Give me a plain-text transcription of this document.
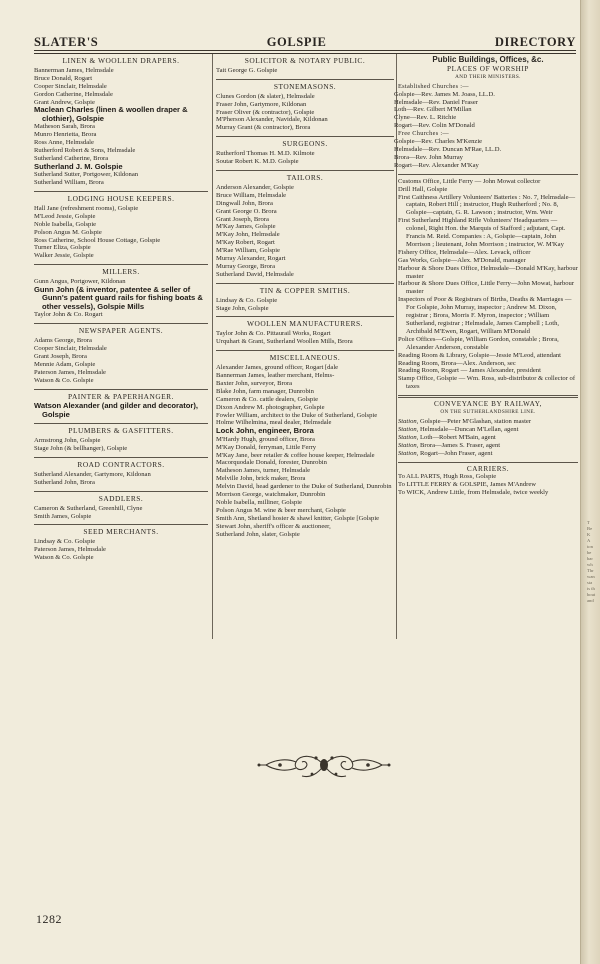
T
Be
K
A
ton
be
bar
wh
Thr
wan
sta
is th
bout
and
SLATER'S	GOLSPIE	DIRECTORY
LINEN & WOOLLEN DRAPERS.
Bannerman James, Helmsdale
Bruce Donald, Rogart
Cooper Sinclair, Helmsdale
Gordon Catherine, Helmsdale
Grant Andrew, Golspie
Maclean Charles (linen & woollen draper & clothier), Golspie
Matheson Sarah, Brora
Munro Henrietta, Brora
Ross Anne, Helmsdale
Rutherford Robert & Sons, Helmsdale
Sutherland Catherine, Brora
Sutherland J. M. Golspie
Sutherland Sutter, Portgower, Kildonan
Sutherland William, Brora
LODGING HOUSE KEEPERS.
Hall Jane (refreshment rooms), Golspie
M'Leod Jessie, Golspie
Noble Isabella, Golspie
Polson Angus M. Golspie
Ross Catherine, School House Cottage, Golspie
Turner Eliza, Golspie
Walker Jessie, Golspie
MILLERS.
Gunn Angus, Portgower, Kildonan
Gunn John (& inventor, patentee & seller of Gunn's patent guard rails for fishing boats & other vessels), Golspie Mills
Taylor John & Co. Rogart
NEWSPAPER AGENTS.
Adams George, Brora
Cooper Sinclair, Helmsdale
Grant Joseph, Brora
Mennie Adam, Golspie
Paterson James, Helmsdale
Watson & Co. Golspie
PAINTER & PAPERHANGER.
Watson Alexander (and gilder and decorator), Golspie
PLUMBERS & GASFITTERS.
Armstrong John, Golspie
Stage John (& bellhanger), Golspie
ROAD CONTRACTORS.
Sutherland Alexander, Gartymore, Kildonan
Sutherland John, Brora
SADDLERS.
Cameron & Sutherland, Greenhill, Clyne
Smith James, Golspie
SEED MERCHANTS.
Lindsay & Co. Golspie
Paterson James, Helmsdale
Watson & Co. Golspie
SOLICITOR & NOTARY PUBLIC.
Tait George G. Golspie
STONEMASONS.
Clunes Gordon (& slater), Helmsdale
Fraser John, Gartymore, Kildonan
Fraser Oliver (& contractor), Golspie
M'Pherson Alexander, Navidale, Kildonan
Murray Grant (& contractor), Brora
SURGEONS.
Rutherford Thomas H. M.D. Kilmote
Soutar Robert K. M.D. Golspie
TAILORS.
Anderson Alexander, Golspie
Bruce William, Helmsdale
Dingwall John, Brora
Grant George O. Brora
Grant Joseph, Brora
M'Kay James, Golspie
M'Kay John, Helmsdale
M'Kay Robert, Rogart
M'Rae William, Golspie
Murray Alexander, Rogart
Murray George, Brora
Sutherland David, Helmsdale
TIN & COPPER SMITHS.
Lindsay & Co. Golspie
Stage John, Golspie
WOOLLEN MANUFACTURERS.
Taylor John & Co. Pittaurail Works, Rogart
Urquhart & Grant, Sutherland Woollen Mills, Brora
MISCELLANEOUS.
Alexander James, ground officer, Rogart [dale
Bannerman James, leather merchant, Helms-
Baxter John, surveyor, Brora
Blake John, farm manager, Dunrobin
Cameron & Co. cattle dealers, Golspie
Dixon Andrew M. photographer, Golspie
Fowler William, architect to the Duke of Sutherland, Golspie
Holme Wilhelmina, meal dealer, Helmsdale
Lock John, engineer, Brora
M'Hardy Hugh, ground officer, Brora
M'Kay Donald, ferryman, Little Ferry
M'Kay Jane, beer retailer & coffee house keeper, Helmsdale
Macorquodale Donald, forester, Dunrobin
Matheson James, turner, Helmsdale
Melville John, brick maker, Brora
Melvin David, head gardener to the Duke of Sutherland, Dunrobin
Morrison George, watchmaker, Dunrobin
Noble Isabella, milliner, Golspie
Polson Angus M. wine & beer merchant, Golspie
Smith Ann, Shetland hosier & shawl knitter, Golspie [Golspie
Stewart John, sheriff's officer & auctioneer,
Sutherland John, slater, Golspie
Public Buildings, Offices, &c.
PLACES OF WORSHIP
AND THEIR MINISTERS.
Established Churches :—
Golspie—Rev. James M. Joass, LL.D.
Helmsdale—Rev. Daniel Fraser
Loth—Rev. Gilbert M'Millan
Clyne—Rev. L. Ritchie
Rogart—Rev. Colin M'Donald
Free Churches :—
Golspie—Rev. Charles M'Kenzie
Helmsdale—Rev. Duncan M'Rae, LL.D.
Brora—Rev. John Murray
Rogart—Rev. Alexander M'Kay
Customs Office, Little Ferry — John Mowat collector
Drill Hall, Golspie
First Caithness Artillery Volunteers' Batteries : No. 7, Helmsdale—captain, Robert Hill ; instructor, Hugh Rutherford ; No. 8, Golspie—captain, G. R. Lawson ; instructor, Wm. Weir
First Sutherland Highland Rifle Volunteers' Headquarters — colonel, Right Hon. the Marquis of Stafford ; adjutant, Capt. Francis M. Reid. Companies : A, Golspie—captain, John Morrison ; lieutenant, John Morrison ; instructor, W. M'Kay
Fishery Office, Helmsdale—Alex. Levack, officer
Gas Works, Golspie—Alex. M'Donald, manager
Harbour & Shore Dues Office, Helmsdale—Donald M'Kay, harbour master
Harbour & Shore Dues Office, Little Ferry—John Mowat, harbour master
Inspectors of Poor & Registrars of Births, Deaths & Marriages — For Golspie, John Murray, inspector ; Andrew M. Dixon, registrar ; Brora, Morris F. Myron, inspector ; William Sutherland, registrar ; Helmsdale, James Campbell ; Loth, Archibald M'Ewen, Rogart, William M'Donald
Police Offices—Golspie, William Gordon, constable ; Brora, Alexander Anderson, constable
Reading Room & Library, Golspie—Jessie M'Leod, attendant
Reading Room, Brora—Alex. Anderson, sec
Reading Room, Rogart — James Alexander, president
Stamp Office, Golspie — Wm. Ross, sub-distributor & collector of taxes
CONVEYANCE BY RAILWAY,
ON THE SUTHERLANDSHIRE LINE.
Station, Golspie—Peter M'Glashan, station master
Station, Helmsdale—Duncan M'Lellan, agent
Station, Loth—Robert M'Bain, agent
Station, Brora—James S. Fraser, agent
Station, Rogart—John Fraser, agent
CARRIERS.
To ALL PARTS, Hugh Ross, Golspie
To LITTLE FERRY & GOLSPIE, James M'Andrew
To WICK, Andrew Little, from Helmsdale, twice weekly
1282
